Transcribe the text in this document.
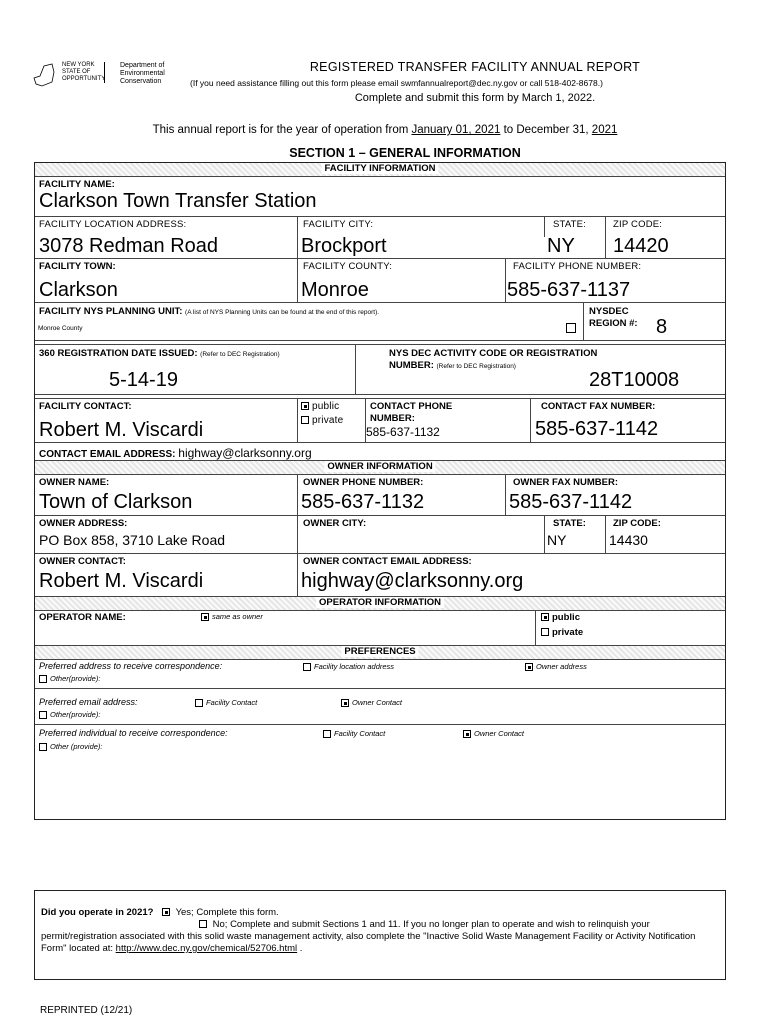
NEW YORK
STATE OF OPPORTUNITY
Department of
Environmental
Conservation
REGISTERED TRANSFER FACILITY ANNUAL REPORT
(If you need assistance filling out this form please email swmfannualreport@dec.ny.gov or call 518-402-8678.)
Complete and submit this form by March 1, 2022.
This annual report is for the year of operation from January 01, 2021 to December 31, 2021
SECTION 1 – GENERAL INFORMATION
FACILITY INFORMATION
FACILITY NAME:
Clarkson Town Transfer Station
FACILITY LOCATION ADDRESS:
3078 Redman Road
FACILITY CITY:
Brockport
STATE:
NY
ZIP CODE:
14420
FACILITY TOWN:
Clarkson
FACILITY COUNTY:
Monroe
FACILITY PHONE NUMBER:
585-637-1137
FACILITY NYS PLANNING UNIT: (A list of NYS Planning Units can be found at the end of this report).
Monroe County
NYSDEC
REGION #: 8
360 REGISTRATION DATE ISSUED: (Refer to DEC Registration)
5-14-19
NYS DEC ACTIVITY CODE OR REGISTRATION
NUMBER: (Refer to DEC Registration)
28T10008
FACILITY CONTACT:
Robert M. Viscardi
public
private
CONTACT PHONE
NUMBER:
585-637-1132
CONTACT FAX NUMBER:
585-637-1142
CONTACT EMAIL ADDRESS: highway@clarksonny.org
OWNER INFORMATION
OWNER NAME:
Town of Clarkson
OWNER PHONE NUMBER:
585-637-1132
OWNER FAX NUMBER:
585-637-1142
OWNER ADDRESS:
PO Box 858, 3710 Lake Road
OWNER CITY:	STATE:
NY
ZIP CODE:
14430
OWNER CONTACT:
Robert M. Viscardi
OWNER CONTACT EMAIL ADDRESS:
highway@clarksonny.org
OPERATOR INFORMATION
OPERATOR NAME:	same as owner	public
private
PREFERENCES
Preferred address to receive correspondence:	Facility location address	Owner address
Other(provide):
Preferred email address:	Facility Contact	Owner Contact
Other(provide):
Preferred individual to receive correspondence:	Facility Contact	Owner Contact
Other (provide):
Did you operate in 2021? Yes; Complete this form.
No; Complete and submit Sections 1 and 11. If you no longer plan to operate and wish to relinquish your permit/registration associated with this solid waste management activity, also complete the "Inactive Solid Waste Management Facility or Activity Notification Form" located at: http://www.dec.ny.gov/chemical/52706.html .
REPRINTED (12/21)
